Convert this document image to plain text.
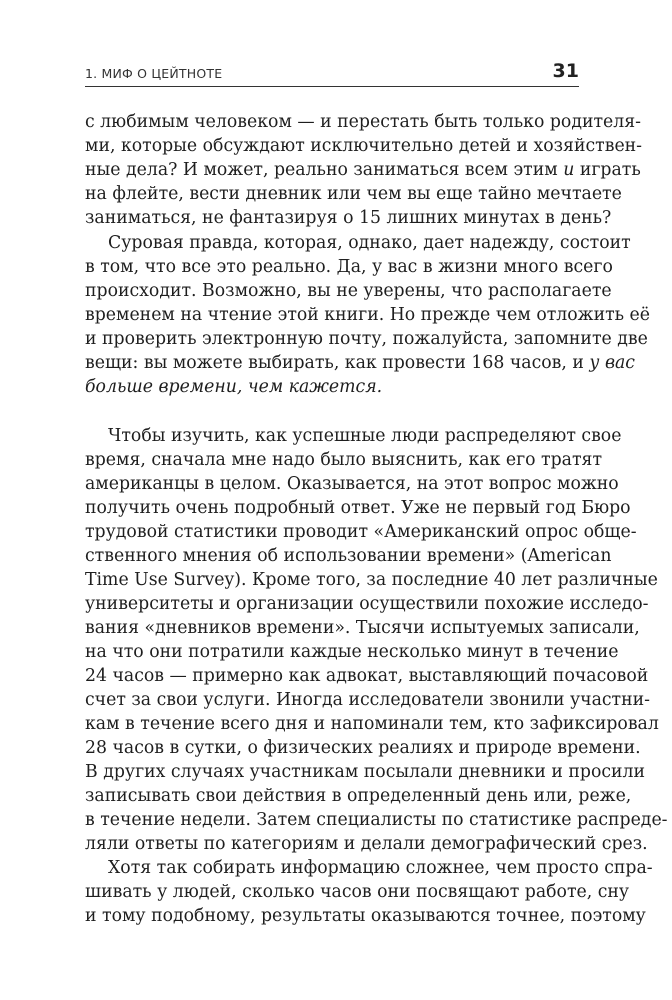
1. МИФ О ЦЕЙТНОТЕ	31
с любимым человеком — и перестать быть только родителя-
ми, которые обсуждают исключительно детей и хозяйствен-
ные дела? И может, реально заниматься всем этим и играть
на флейте, вести дневник или чем вы еще тайно мечтаете
заниматься, не фантазируя о 15 лишних минутах в день?
Суровая правда, которая, однако, дает надежду, состоит
в том, что все это реально. Да, у вас в жизни много всего
происходит. Возможно, вы не уверены, что располагаете
временем на чтение этой книги. Но прежде чем отложить её
и проверить электронную почту, пожалуйста, запомните две
вещи: вы можете выбирать, как провести 168 часов, и у вас
больше времени, чем кажется.
Чтобы изучить, как успешные люди распределяют свое
время, сначала мне надо было выяснить, как его тратят
американцы в целом. Оказывается, на этот вопрос можно
получить очень подробный ответ. Уже не первый год Бюро
трудовой статистики проводит «Американский опрос обще-
ственного мнения об использовании времени» (American
Time Use Survey). Кроме того, за последние 40 лет различные
университеты и организации осуществили похожие исследо-
вания «дневников времени». Тысячи испытуемых записали,
на что они потратили каждые несколько минут в течение
24 часов — примерно как адвокат, выставляющий почасовой
счет за свои услуги. Иногда исследователи звонили участни-
кам в течение всего дня и напоминали тем, кто зафиксировал
28 часов в сутки, о физических реалиях и природе времени.
В других случаях участникам посылали дневники и просили
записывать свои действия в определенный день или, реже,
в течение недели. Затем специалисты по статистике распреде-
ляли ответы по категориям и делали демографический срез.
Хотя так собирать информацию сложнее, чем просто спра-
шивать у людей, сколько часов они посвящают работе, сну
и тому подобному, результаты оказываются точнее, поэтому
